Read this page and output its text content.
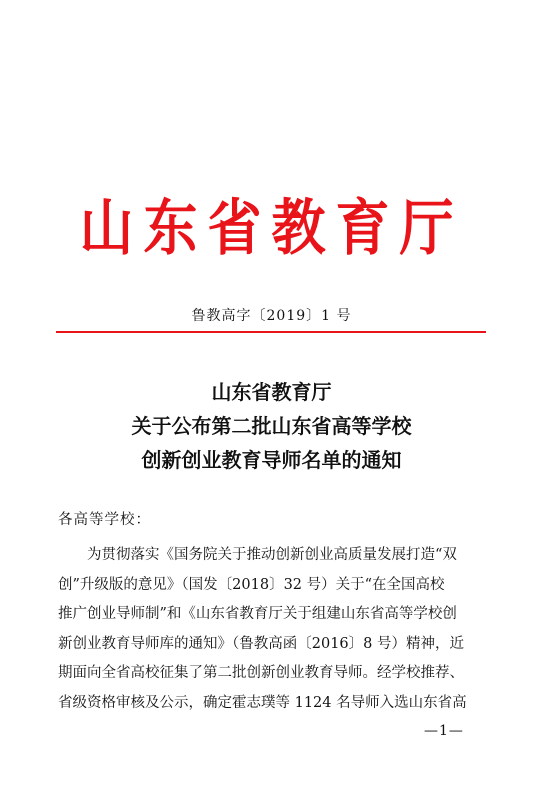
山东省教育厅
鲁教高字〔2019〕1 号
山东省教育厅
关于公布第二批山东省高等学校
创新创业教育导师名单的通知
各高等学校：
为贯彻落实《国务院关于推动创新创业高质量发展打造“双
创”升级版的意见》（国发〔2018〕32 号）关于“在全国高校
推广创业导师制”和《山东省教育厅关于组建山东省高等学校创
新创业教育导师库的通知》（鲁教高函〔2016〕8 号）精神，近
期面向全省高校征集了第二批创新创业教育导师。经学校推荐、
省级资格审核及公示，确定霍志璞等 1124 名导师入选山东省高
—1—
